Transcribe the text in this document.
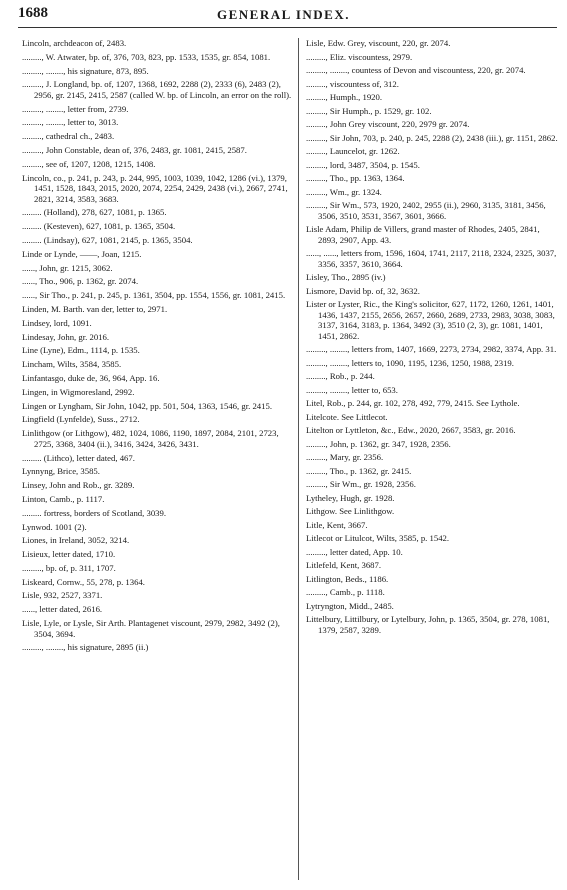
1688	GENERAL INDEX.
Lincoln, archdeacon of, 2483.
........., W. Atwater, bp. of, 376, 703, 823, pp. 1533, 1535, gr. 854, 1081.
........., ........, his signature, 873, 895.
........., J. Longland, bp. of, 1207, 1368, 1692, 2288 (2), 2333 (6), 2483 (2), 2956, gr. 2145, 2415, 2587 (called W. bp. of Lincoln, an error on the roll).
........., ........, letter from, 2739.
........., ........, letter to, 3013.
........., cathedral ch., 2483.
........., John Constable, dean of, 376, 2483, gr. 1081, 2415, 2587.
........., see of, 1207, 1208, 1215, 1408.
Lincoln, co., p. 241, p. 243, p. 244, 995, 1003, 1039, 1042, 1286 (vi.), 1379, 1451, 1528, 1843, 2015, 2020, 2074, 2254, 2429, 2438 (vi.), 2667, 2741, 2821, 3214, 3583, 3683.
......... (Holland), 278, 627, 1081, p. 1365.
......... (Kesteven), 627, 1081, p. 1365, 3504.
......... (Lindsay), 627, 1081, 2145, p. 1365, 3504.
Linde or Lynde, ——, Joan, 1215.
......, John, gr. 1215, 3062.
......, Tho., 906, p. 1362, gr. 2074.
......, Sir Tho., p. 241, p. 245, p. 1361, 3504, pp. 1554, 1556, gr. 1081, 2415.
Linden, M. Barth. van der, letter to, 2971.
Lindsey, lord, 1091.
Lindesay, John, gr. 2016.
Line (Lyne), Edm., 1114, p. 1535.
Lincham, Wilts, 3584, 3585.
Linfantasgo, duke de, 36, 964, App. 16.
Lingen, in Wigmoresland, 2992.
Lingen or Lyngham, Sir John, 1042, pp. 501, 504, 1363, 1546, gr. 2415.
Lingfield (Lynfelde), Suss., 2712.
Linlithgow (or Lithgow), 482, 1024, 1086, 1190, 1897, 2084, 2101, 2723, 2725, 3368, 3404 (ii.), 3416, 3424, 3426, 3431.
......... (Lithco), letter dated, 467.
Lynnyng, Brice, 3585.
Linsey, John and Rob., gr. 3289.
Linton, Camb., p. 1117.
......... fortress, borders of Scotland, 3039.
Lynwod. 1001 (2).
Liones, in Ireland, 3052, 3214.
Lisieux, letter dated, 1710.
........., bp. of, p. 311, 1707.
Liskeard, Cornw., 55, 278, p. 1364.
Lisle, 932, 2527, 3371.
......, letter dated, 2616.
Lisle, Lyle, or Lysle, Sir Arth. Plantagenet viscount, 2979, 2982, 3492 (2), 3504, 3694.
........., ........, his signature, 2895 (ii.)
Lisle, Edw. Grey, viscount, 220, gr. 2074.
........., Eliz. viscountess, 2979.
........., ........, countess of Devon and viscountess, 220, gr. 2074.
........., viscountess of, 312.
........., Humph., 1920.
........., Sir Humph., p. 1529, gr. 102.
........., John Grey viscount, 220, 2979 gr. 2074.
........., Sir John, 703, p. 240, p. 245, 2288 (2), 2438 (iii.), gr. 1151, 2862.
........., Launcelot, gr. 1262.
........., lord, 3487, 3504, p. 1545.
........., Tho., pp. 1363, 1364.
........., Wm., gr. 1324.
........., Sir Wm., 573, 1920, 2402, 2955 (ii.), 2960, 3135, 3181, 3456, 3506, 3510, 3531, 3567, 3601, 3666.
Lisle Adam, Philip de Villers, grand master of Rhodes, 2405, 2841, 2893, 2907, App. 43.
......, ......, letters from, 1596, 1604, 1741, 2117, 2118, 2324, 2325, 3037, 3356, 3357, 3610, 3664.
Lisley, Tho., 2895 (iv.)
Lismore, David bp. of, 32, 3632.
Lister or Lyster, Ric., the King's solicitor, 627, 1172, 1260, 1261, 1401, 1436, 1437, 2155, 2656, 2657, 2660, 2689, 2733, 2983, 3038, 3083, 3137, 3164, 3183, p. 1364, 3492 (3), 3510 (2, 3), gr. 1081, 1401, 1451, 2862.
........., ........, letters from, 1407, 1669, 2273, 2734, 2982, 3374, App. 31.
........., ........, letters to, 1090, 1195, 1236, 1250, 1988, 2319.
........., Rob., p. 244.
........., ........, letter to, 653.
Litel, Rob., p. 244, gr. 102, 278, 492, 779, 2415. See Lythole.
Litelcote. See Littlecot.
Litelton or Lyttleton, &c., Edw., 2020, 2667, 3583, gr. 2016.
........., John, p. 1362, gr. 347, 1928, 2356.
........., Mary, gr. 2356.
........., Tho., p. 1362, gr. 2415.
........., Sir Wm., gr. 1928, 2356.
Lytheley, Hugh, gr. 1928.
Lithgow. See Linlithgow.
Litle, Kent, 3667.
Litlecot or Litulcot, Wilts, 3585, p. 1542.
........., letter dated, App. 10.
Litlefeld, Kent, 3687.
Litlington, Beds., 1186.
........., Camb., p. 1118.
Lytryngton, Midd., 2485.
Littelbury, Littilbury, or Lytelbury, John, p. 1365, 3504, gr. 278, 1081, 1379, 2587, 3289.
